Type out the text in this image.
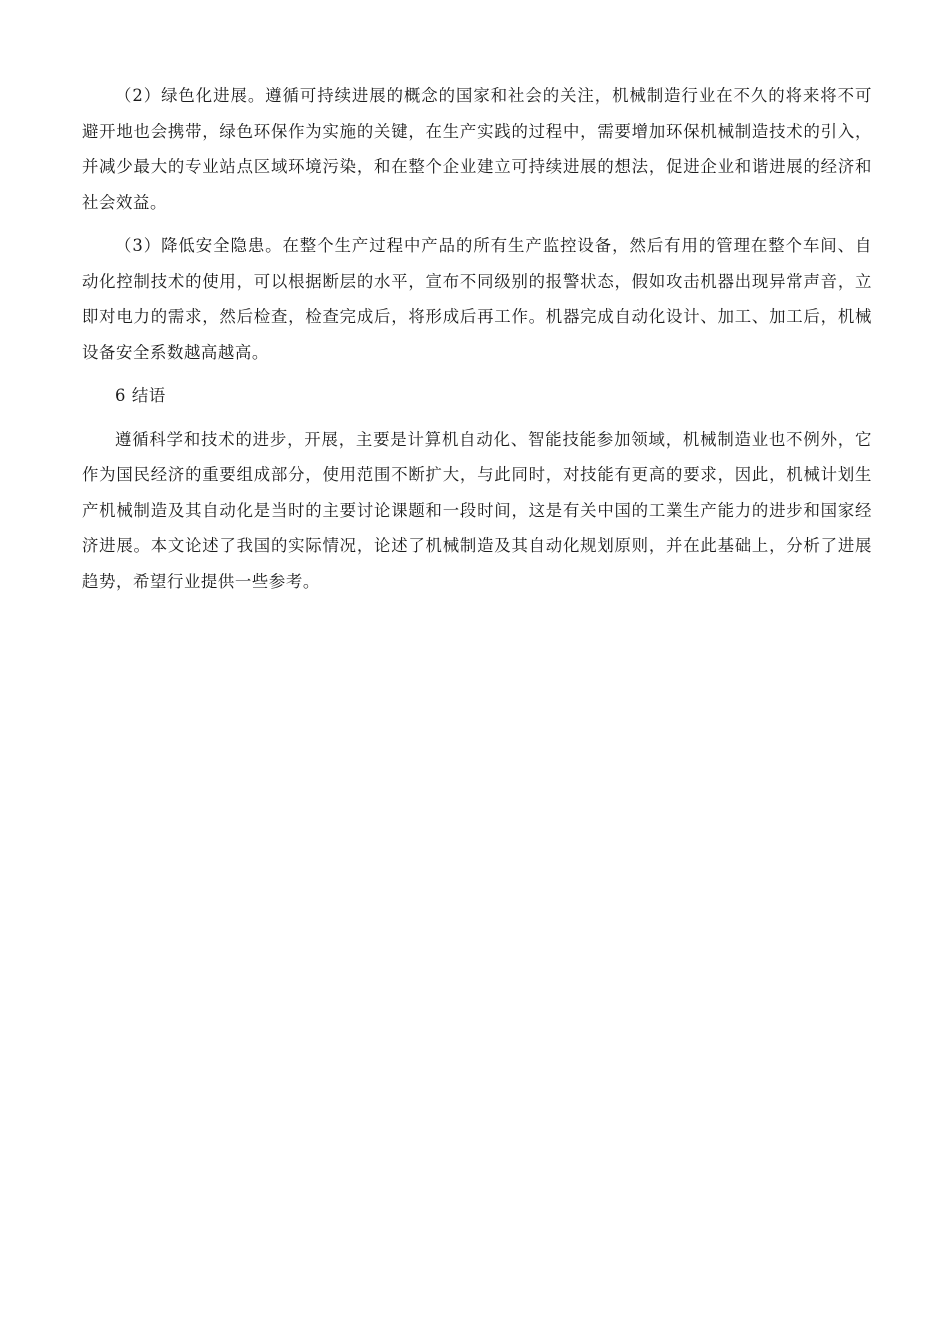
（2）绿色化进展。遵循可持续进展的概念的国家和社会的关注，机械制造行业在不久的将来将不可避开地也会携带，绿色环保作为实施的关键，在生产实践的过程中，需要增加环保机械制造技术的引入，并减少最大的专业站点区域环境污染，和在整个企业建立可持续进展的想法，促进企业和谐进展的经济和社会效益。

（3）降低安全隐患。在整个生产过程中产品的所有生产监控设备，然后有用的管理在整个车间、自动化控制技术的使用，可以根据断层的水平，宣布不同级别的报警状态，假如攻击机器出现异常声音，立即对电力的需求，然后检查，检查完成后，将形成后再工作。机器完成自动化设计、加工、加工后，机械设备安全系数越高越高。

6 结语

遵循科学和技术的进步，开展，主要是计算机自动化、智能技能参加领域，机械制造业也不例外，它作为国民经济的重要组成部分，使用范围不断扩大，与此同时，对技能有更高的要求，因此，机械计划生产机械制造及其自动化是当时的主要讨论课题和一段时间，这是有关中国的工業生产能力的进步和国家经济进展。本文论述了我国的实际情况，论述了机械制造及其自动化规划原则，并在此基础上，分析了进展趋势，希望行业提供一些参考。
